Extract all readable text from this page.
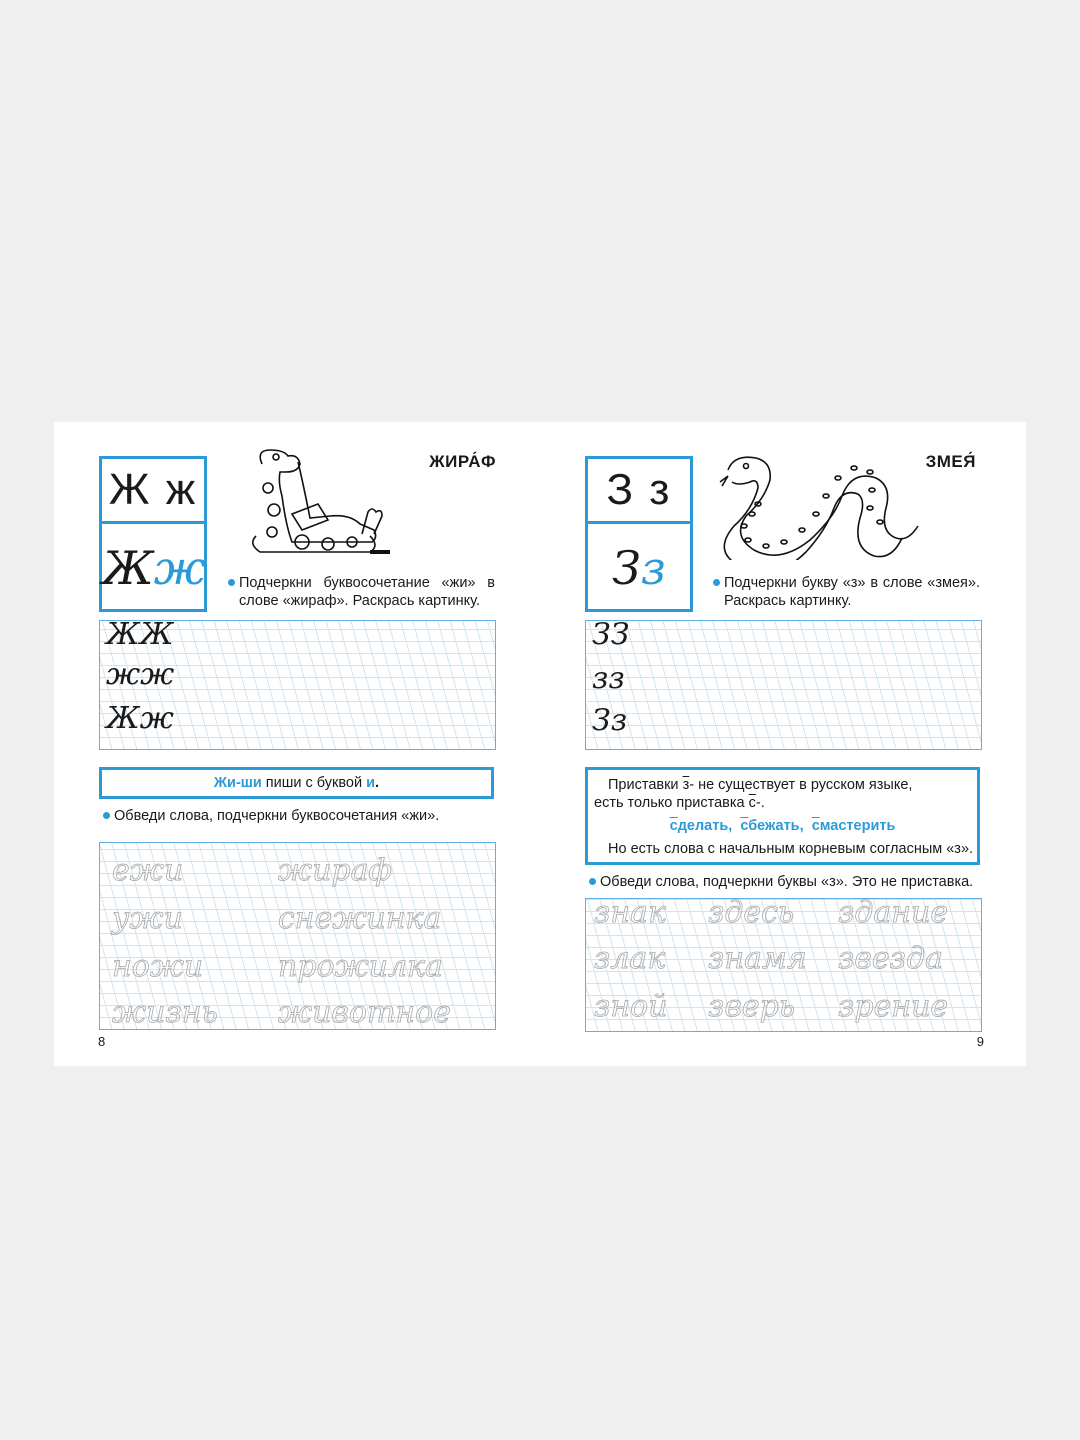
Ж ж
Жж
ЖИРА́Ф
Подчеркни буквосочетание «жи» в слове «жираф». Раскрась картинку.
ЖЖ
жж
Жж
Жи-ши пиши с буквой и.
Обведи слова, подчеркни буквосочетания «жи».
ежи	жираф
ужи	снежинка
ножи прожилка
жизнь животное
8
З з
Зз
ЗМЕЯ́
Подчеркни букву «з» в слове «змея». Раскрась картинку.
ЗЗ
зз
Зз
Приставки з- не существует в русском языке,
есть только приставка с-.
сделать, сбежать, смастерить
Но есть слова с начальным корневым согласным «з».
Обведи слова, подчеркни буквы «з». Это не приставка.
знак здесь здание
злак знамя звезда
зной зверь зрение
9
